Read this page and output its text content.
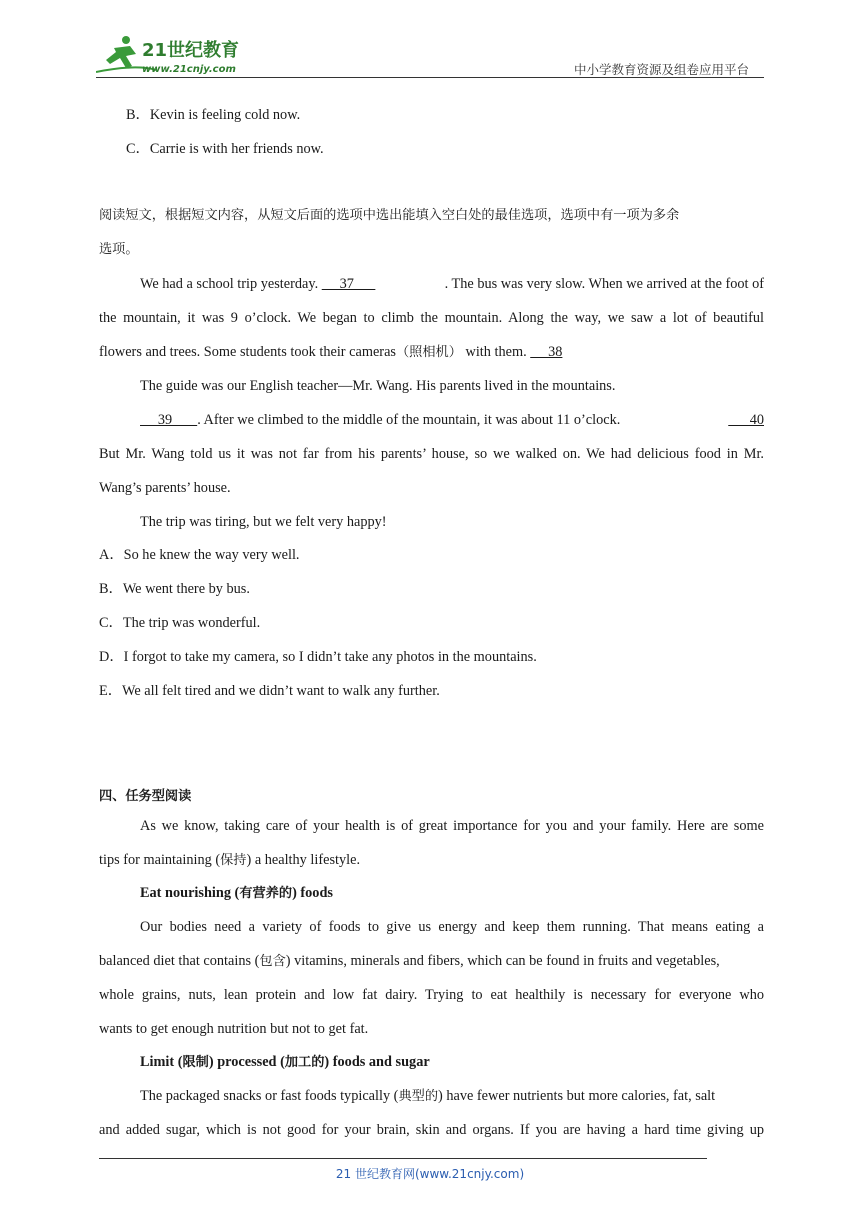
21世纪教育
www.21cnjy.com	中小学教育资源及组卷应用平台
B．Kevin is feeling cold now.
C．Carrie is with her friends now.
阅读短文，根据短文内容，从短文后面的选项中选出能填入空白处的最佳选项，选项中有一项为多余
选项。
We had a school trip yesterday.      37	. The bus was very slow. When we arrived at the foot of
the mountain, it was 9 o’clock. We began to climb the mountain. Along the way, we saw a lot of beautiful
flowers and trees. Some students took their cameras（照相机） with them.      38
The guide was our English teacher—Mr. Wang. His parents lived in the mountains.
39       . After we climbed to the middle of the mountain, it was about 11 o’clock.	40
But Mr. Wang told us it was not far from his parents’ house, so we walked on. We had delicious food in Mr.
Wang’s parents’ house.
The trip was tiring, but we felt very happy!
A．So he knew the way very well.
B．We went there by bus.
C．The trip was wonderful.
D．I forgot to take my camera, so I didn’t take any photos in the mountains.
E．We all felt tired and we didn’t want to walk any further.
四、任务型阅读
As we know, taking care of your health is of great importance for you and your family. Here are some
tips for maintaining (保持) a healthy lifestyle.
Eat nourishing (有营养的) foods
Our bodies need a variety of foods to give us energy and keep them running. That means eating a
balanced diet that contains (包含) vitamins, minerals and fibers, which can be found in fruits and vegetables,
whole grains, nuts, lean protein and low fat dairy. Trying to eat healthily is necessary for everyone who
wants to get enough nutrition but not to get fat.
Limit (限制) processed (加工的) foods and sugar
The packaged snacks or fast foods typically (典型的) have fewer nutrients but more calories, fat, salt
and added sugar, which is not good for your brain, skin and organs. If you are having a hard time giving up
21 世纪教育网(www.21cnjy.com)
